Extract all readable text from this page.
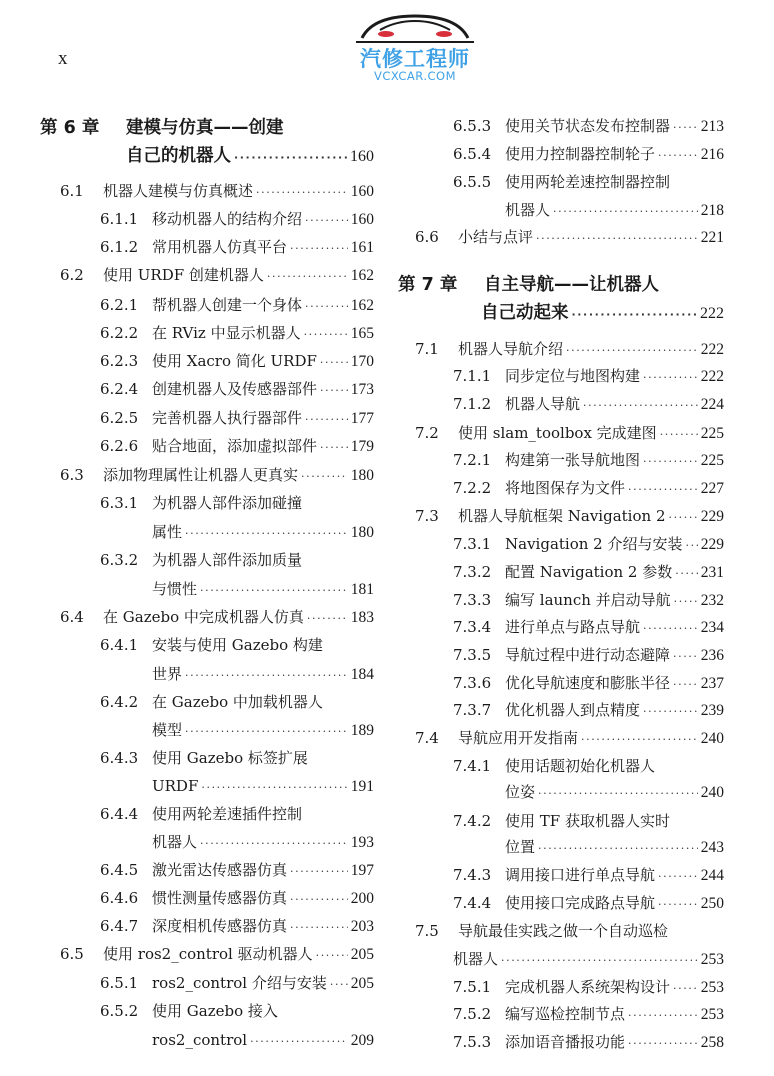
x	汽修工程师
VCXCAR.COM
第 6 章	建模与仿真——创建
自己的机器人 ·····	160
6.1	机器人建模与仿真概述 ·····	160
6.1.1 移动机器人的结构介绍 ·····	160
6.1.2 常用机器人仿真平台 ·····	161
6.2	使用 URDF 创建机器人 ·····	162
6.2.1 帮机器人创建一个身体 ·····	162
6.2.2 在 RViz 中显示机器人 ·····	165
6.2.3 使用 Xacro 简化 URDF ····· 170
6.2.4 创建机器人及传感器部件 ····· 173
6.2.5 完善机器人执行器部件 ·····	177
6.2.6 贴合地面，添加虚拟部件 ····· 179
6.3	添加物理属性让机器人更真实 ·····	180
6.3.1 为机器人部件添加碰撞
属性 ·····	180
6.3.2 为机器人部件添加质量
与惯性 ·····	181
6.4	在 Gazebo 中完成机器人仿真 ·····	183
6.4.1 安装与使用 Gazebo 构建
世界 ·····	184
6.4.2 在 Gazebo 中加载机器人
模型 ·····	189
6.4.3 使用 Gazebo 标签扩展
URDF ·····	191
6.4.4 使用两轮差速插件控制
机器人 ·····	193
6.4.5 激光雷达传感器仿真 ·····	197
6.4.6 惯性测量传感器仿真 ·····	200
6.4.7 深度相机传感器仿真 ·····	203
6.5	使用 ros2_control 驱动机器人 ····· 205
6.5.1 ros2_control 介绍与安装 ····· 205
6.5.2 使用 Gazebo 接入
ros2_control ·····	209
6.5.3 使用关节状态发布控制器 ····· 213
6.5.4 使用力控制器控制轮子 ·····	216
6.5.5 使用两轮差速控制器控制
机器人 ·····	218
6.6	小结与点评 ·····	221
第 7 章	自主导航——让机器人
自己动起来 ·····	222
7.1	机器人导航介绍 ·····	222
7.1.1 同步定位与地图构建 ·····	222
7.1.2 机器人导航 ·····	224
7.2	使用 slam_toolbox 完成建图 ·····	225
7.2.1 构建第一张导航地图 ·····	225
7.2.2 将地图保存为文件 ·····	227
7.3	机器人导航框架 Navigation 2 ····· 229
7.3.1 Navigation 2 介绍与安装 ····· 229
7.3.2 配置 Navigation 2 参数 ····· 231
7.3.3 编写 launch 并启动导航 ····· 232
7.3.4 进行单点与路点导航 ·····	234
7.3.5 导航过程中进行动态避障 ····· 236
7.3.6 优化导航速度和膨胀半径 ····· 237
7.3.7 优化机器人到点精度 ·····	239
7.4	导航应用开发指南 ·····	240
7.4.1 使用话题初始化机器人
位姿 ·····	240
7.4.2 使用 TF 获取机器人实时
位置 ·····	243
7.4.3 调用接口进行单点导航 ·····	244
7.4.4 使用接口完成路点导航 ·····	250
7.5	导航最佳实践之做一个自动巡检
机器人 ·····	253
7.5.1 完成机器人系统架构设计 ····· 253
7.5.2 编写巡检控制节点 ·····	253
7.5.3 添加语音播报功能 ·····	258
